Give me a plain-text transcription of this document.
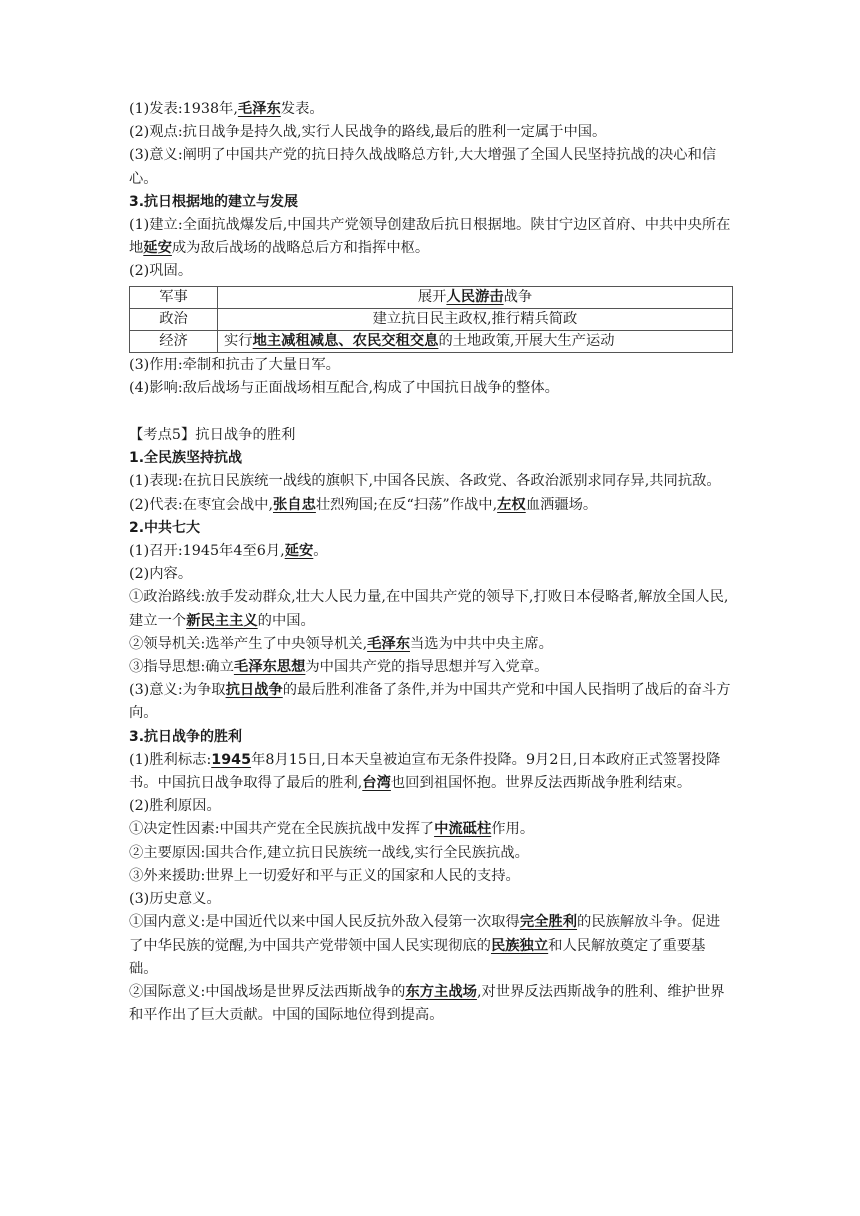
(1)发表:1938年,毛泽东发表。

(2)观点:抗日战争是持久战,实行人民战争的路线,最后的胜利一定属于中国。

(3)意义:阐明了中国共产党的抗日持久战战略总方针,大大增强了全国人民坚持抗战的决心和信心。

3.抗日根据地的建立与发展

(1)建立:全面抗战爆发后,中国共产党领导创建敌后抗日根据地。陕甘宁边区首府、中共中央所在地延安成为敌后战场的战略总后方和指挥中枢。

(2)巩固。

军事	展开人民游击战争
政治	建立抗日民主政权,推行精兵简政
经济	实行地主减租减息、农民交租交息的土地政策,开展大生产运动

(3)作用:牵制和抗击了大量日军。

(4)影响:敌后战场与正面战场相互配合,构成了中国抗日战争的整体。

【考点5】抗日战争的胜利

1.全民族坚持抗战

(1)表现:在抗日民族统一战线的旗帜下,中国各民族、各政党、各政治派别求同存异,共同抗敌。

(2)代表:在枣宜会战中,张自忠壮烈殉国;在反“扫荡”作战中,左权血洒疆场。

2.中共七大

(1)召开:1945年4至6月,延安。

(2)内容。

①政治路线:放手发动群众,壮大人民力量,在中国共产党的领导下,打败日本侵略者,解放全国人民,建立一个新民主主义的中国。

②领导机关:选举产生了中央领导机关,毛泽东当选为中共中央主席。

③指导思想:确立毛泽东思想为中国共产党的指导思想并写入党章。

(3)意义:为争取抗日战争的最后胜利准备了条件,并为中国共产党和中国人民指明了战后的奋斗方向。

3.抗日战争的胜利

(1)胜利标志:1945年8月15日,日本天皇被迫宣布无条件投降。9月2日,日本政府正式签署投降书。中国抗日战争取得了最后的胜利,台湾也回到祖国怀抱。世界反法西斯战争胜利结束。

(2)胜利原因。

①决定性因素:中国共产党在全民族抗战中发挥了中流砥柱作用。

②主要原因:国共合作,建立抗日民族统一战线,实行全民族抗战。

③外来援助:世界上一切爱好和平与正义的国家和人民的支持。

(3)历史意义。

①国内意义:是中国近代以来中国人民反抗外敌入侵第一次取得完全胜利的民族解放斗争。促进了中华民族的觉醒,为中国共产党带领中国人民实现彻底的民族独立和人民解放奠定了重要基础。

②国际意义:中国战场是世界反法西斯战争的东方主战场,对世界反法西斯战争的胜利、维护世界和平作出了巨大贡献。中国的国际地位得到提高。
